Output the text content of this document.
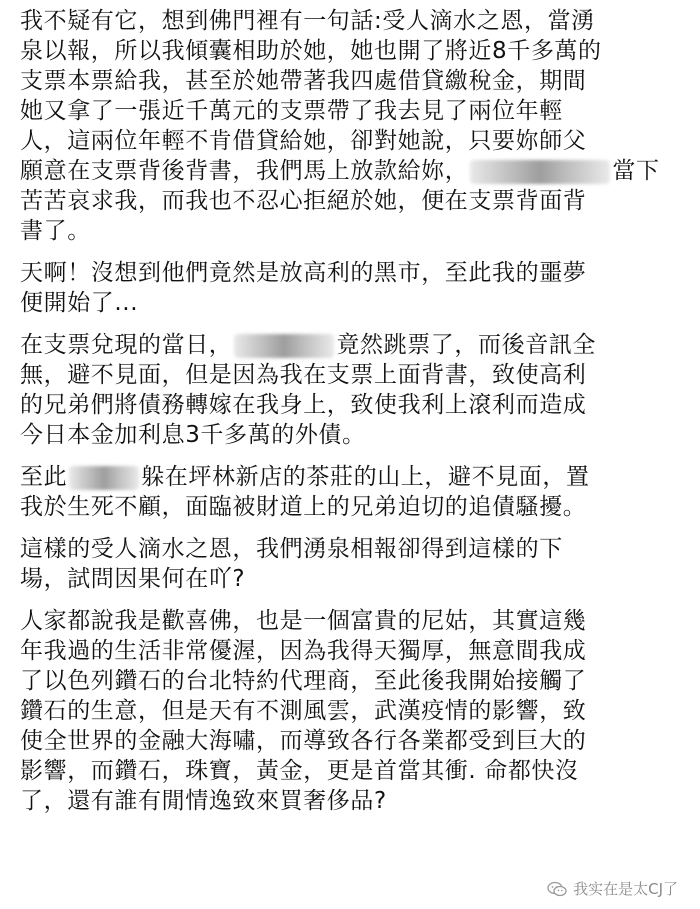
我不疑有它，想到佛門裡有一句話:受人滴水之恩，當湧
泉以報，所以我傾囊相助於她，她也開了將近8千多萬的
支票本票給我，甚至於她帶著我四處借貸繳稅金，期間
她又拿了一張近千萬元的支票帶了我去見了兩位年輕
人，這兩位年輕不肯借貸給她，卻對她說，只要妳師父
願意在支票背後背書，我們馬上放款給妳，	當下
苦苦哀求我，而我也不忍心拒絕於她，便在支票背面背
書了。
天啊！沒想到他們竟然是放高利的黑市，至此我的噩夢
便開始了...
在支票兌現的當日，	竟然跳票了，而後音訊全
無，避不見面，但是因為我在支票上面背書，致使高利
的兄弟們將債務轉嫁在我身上，致使我利上滾利而造成
今日本金加利息3千多萬的外債。
至此	躲在坪林新店的茶莊的山上，避不見面，置
我於生死不顧，面臨被財道上的兄弟迫切的追債騷擾。
這樣的受人滴水之恩，我們湧泉相報卻得到這樣的下
場，試問因果何在吖?
人家都說我是歡喜佛，也是一個富貴的尼姑，其實這幾
年我過的生活非常優渥，因為我得天獨厚，無意間我成
了以色列鑽石的台北特約代理商，至此後我開始接觸了
鑽石的生意，但是天有不測風雲，武漢疫情的影響，致
使全世界的金融大海嘯，而導致各行各業都受到巨大的
影響，而鑽石，珠寶，黃金，更是首當其衝. 命都快沒
了，還有誰有閒情逸致來買奢侈品?
我实在是太CJ了
